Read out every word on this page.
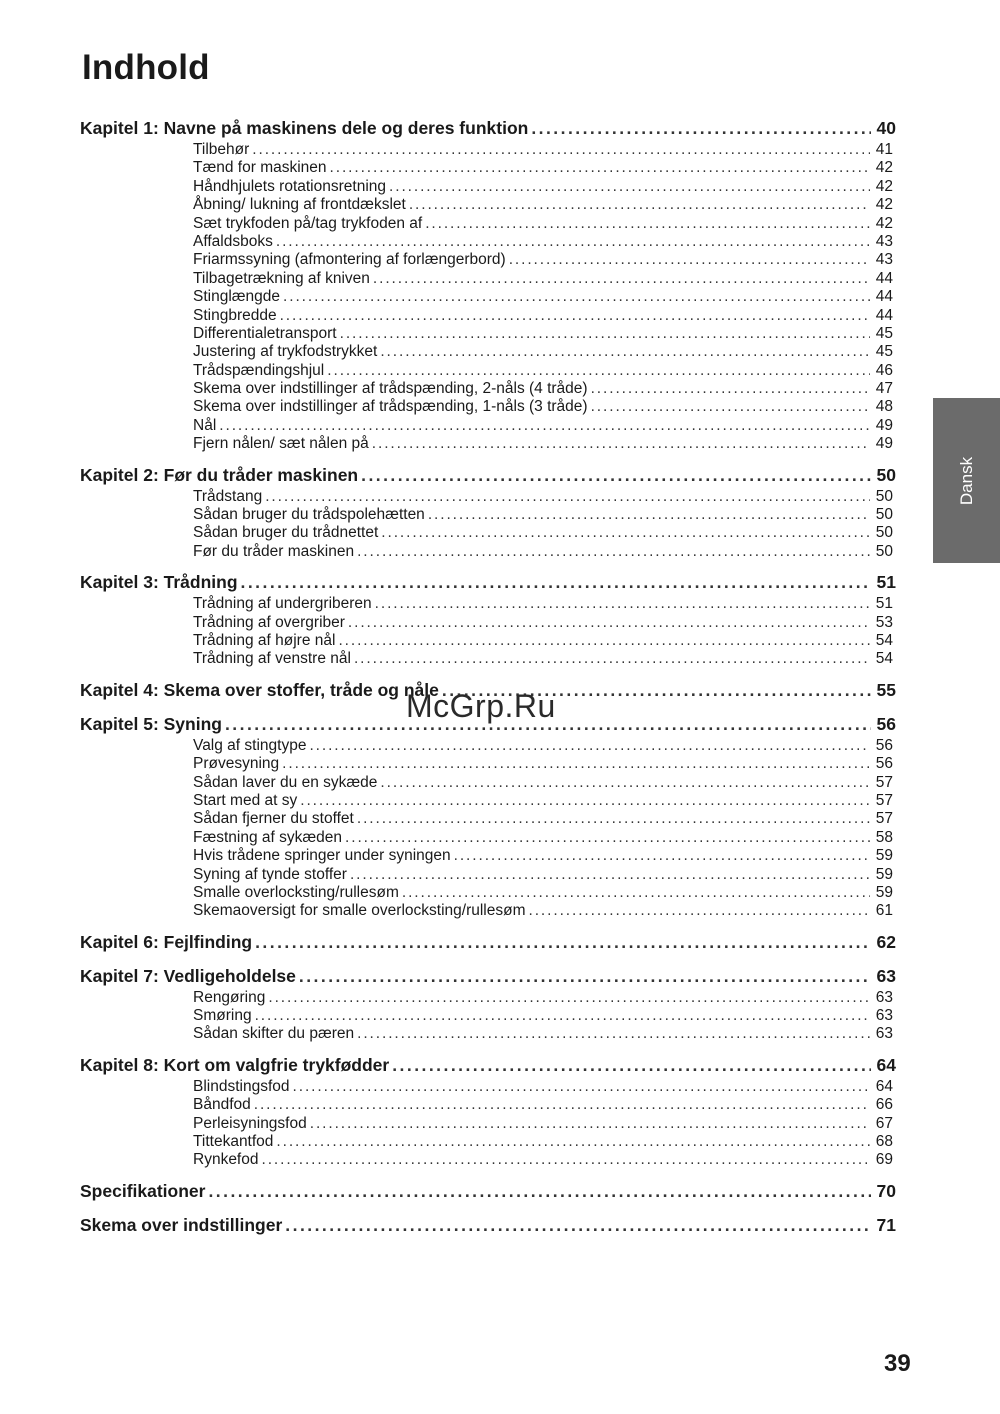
Indhold
Kapitel 1: Navne på maskinens dele og deres funktion . . .	40
Tilbehør . . .	41
Tænd for maskinen . . .	42
Håndhjulets rotationsretning . . .	42
Åbning/ lukning af frontdækslet . . .	42
Sæt trykfoden på/tag trykfoden af . . .	42
Affaldsboks . . .	43
Friarmssyning (afmontering af forlængerbord) . . .	43
Tilbagetrækning af kniven . . .	44
Stinglængde . . .	44
Stingbredde . . .	44
Differentialetransport . . .	45
Justering af trykfodstrykket . . .	45
Trådspændingshjul . . .	46
Skema over indstillinger af trådspænding, 2-nåls (4 tråde) . . .	47
Skema over indstillinger af trådspænding, 1-nåls (3 tråde) . . .	48
Nål . . .	49
Fjern nålen/ sæt nålen på . . .	49
Kapitel 2: Før du tråder maskinen . . .	50
Trådstang . . .	50
Sådan bruger du trådspolehætten . . .	50
Sådan bruger du trådnettet . . .	50
Før du tråder maskinen . . .	50
Kapitel 3: Trådning . . .	51
Trådning af undergriberen . . .	51
Trådning af overgriber . . .	53
Trådning af højre nål . . .	54
Trådning af venstre nål . . .	54
Kapitel 4: Skema over stoffer, tråde og nåle . . .	55
Kapitel 5: Syning . . .	56
Valg af stingtype . . .	56
Prøvesyning . . .	56
Sådan laver du en sykæde . . .	57
Start med at sy . . .	57
Sådan fjerner du stoffet . . .	57
Fæstning af sykæden . . .	58
Hvis trådene springer under syningen . . .	59
Syning af tynde stoffer . . .	59
Smalle overlocksting/rullesøm . . .	59
Skemaoversigt for smalle overlocksting/rullesøm . . .	61
Kapitel 6: Fejlfinding . . .	62
Kapitel 7: Vedligeholdelse . . .	63
Rengøring . . .	63
Smøring . . .	63
Sådan skifter du pæren . . .	63
Kapitel 8: Kort om valgfrie trykfødder . . .	64
Blindstingsfod . . .	64
Båndfod . . .	66
Perleisyningsfod . . .	67
Tittekantfod . . .	68
Rynkefod . . .	69
Specifikationer . . .	70
Skema over indstillinger . . .	71
Dansk
McGrp.Ru
39
